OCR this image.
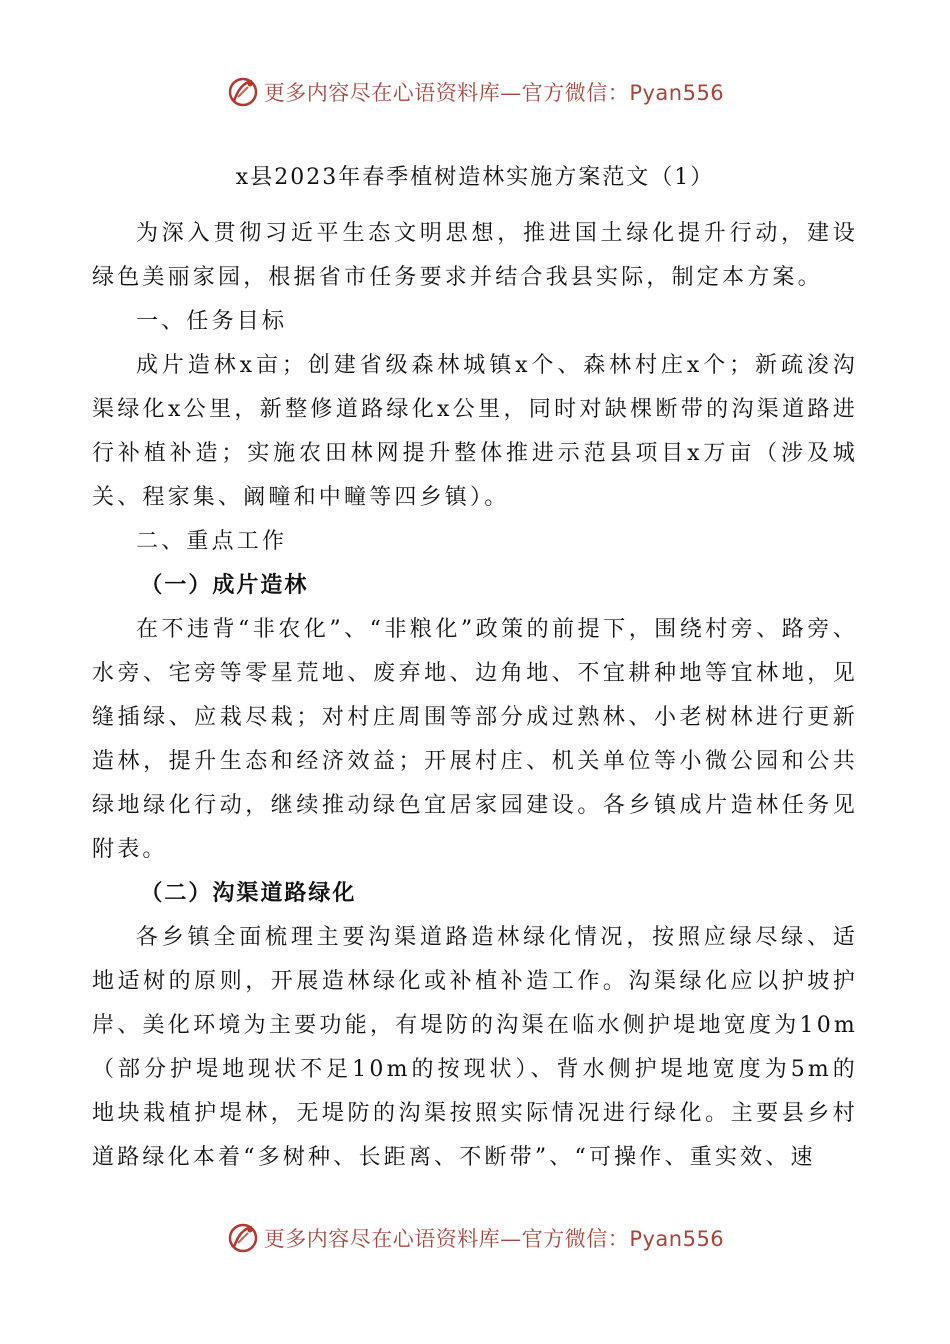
更多内容尽在心语资料库—官方微信：Pyan556
x县2023年春季植树造林实施方案范文（1）

为深入贯彻习近平生态文明思想，推进国土绿化提升行动，建设绿色美丽家园，根据省市任务要求并结合我县实际，制定本方案。

一、任务目标

成片造林x亩；创建省级森林城镇x个、森林村庄x个；新疏浚沟渠绿化x公里，新整修道路绿化x公里，同时对缺棵断带的沟渠道路进行补植补造；实施农田林网提升整体推进示范县项目x万亩（涉及城关、程家集、阚疃和中疃等四乡镇）。

二、重点工作

（一）成片造林

在不违背“非农化”、“非粮化”政策的前提下，围绕村旁、路旁、水旁、宅旁等零星荒地、废弃地、边角地、不宜耕种地等宜林地，见缝插绿、应栽尽栽；对村庄周围等部分成过熟林、小老树林进行更新造林，提升生态和经济效益；开展村庄、机关单位等小微公园和公共绿地绿化行动，继续推动绿色宜居家园建设。各乡镇成片造林任务见附表。

（二）沟渠道路绿化

各乡镇全面梳理主要沟渠道路造林绿化情况，按照应绿尽绿、适地适树的原则，开展造林绿化或补植补造工作。沟渠绿化应以护坡护岸、美化环境为主要功能，有堤防的沟渠在临水侧护堤地宽度为10m（部分护堤地现状不足10m的按现状）、背水侧护堤地宽度为5m的地块栽植护堤林，无堤防的沟渠按照实际情况进行绿化。主要县乡村道路绿化本着“多树种、长距离、不断带”、“可操作、重实效、速

更多内容尽在心语资料库—官方微信：Pyan556
